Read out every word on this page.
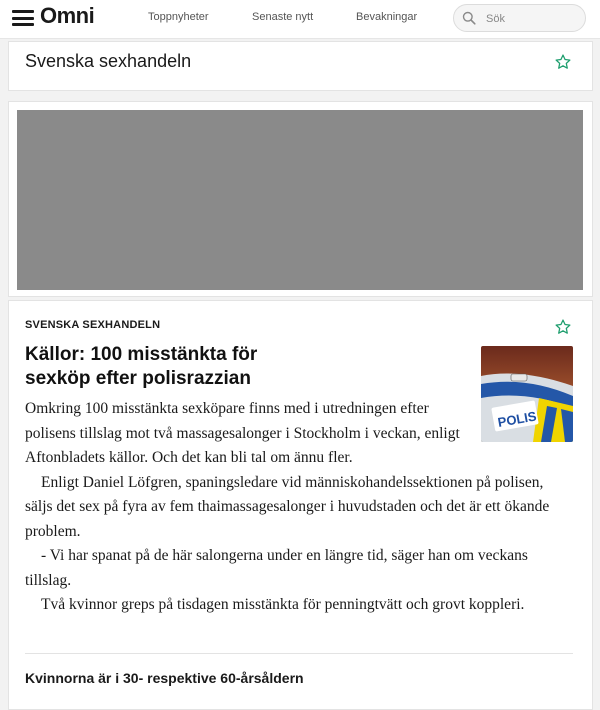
Omni	Toppnyheter	Senaste nytt	Bevakningar
Sök
Svenska sexhandeln
SVENSKA SEXHANDELN
Källor: 100 misstänkta för sexköp efter polisrazzian
POLIS

Omkring 100 misstänkta sexköpare finns med i utredningen efter polisens tillslag mot två massagesalonger i Stockholm i veckan, enligt Aftonbladets källor. Och det kan bli tal om ännu fler.

Enligt Daniel Löfgren, spaningsledare vid människohandelssektionen på polisen, säljs det sex på fyra av fem thaimassagesalonger i huvudstaden och det är ett ökande problem.

- Vi har spanat på de här salongerna under en längre tid, säger han om veckans tillslag.

Två kvinnor greps på tisdagen misstänkta för penningtvätt och grovt koppleri.

Kvinnorna är i 30- respektive 60-årsåldern
